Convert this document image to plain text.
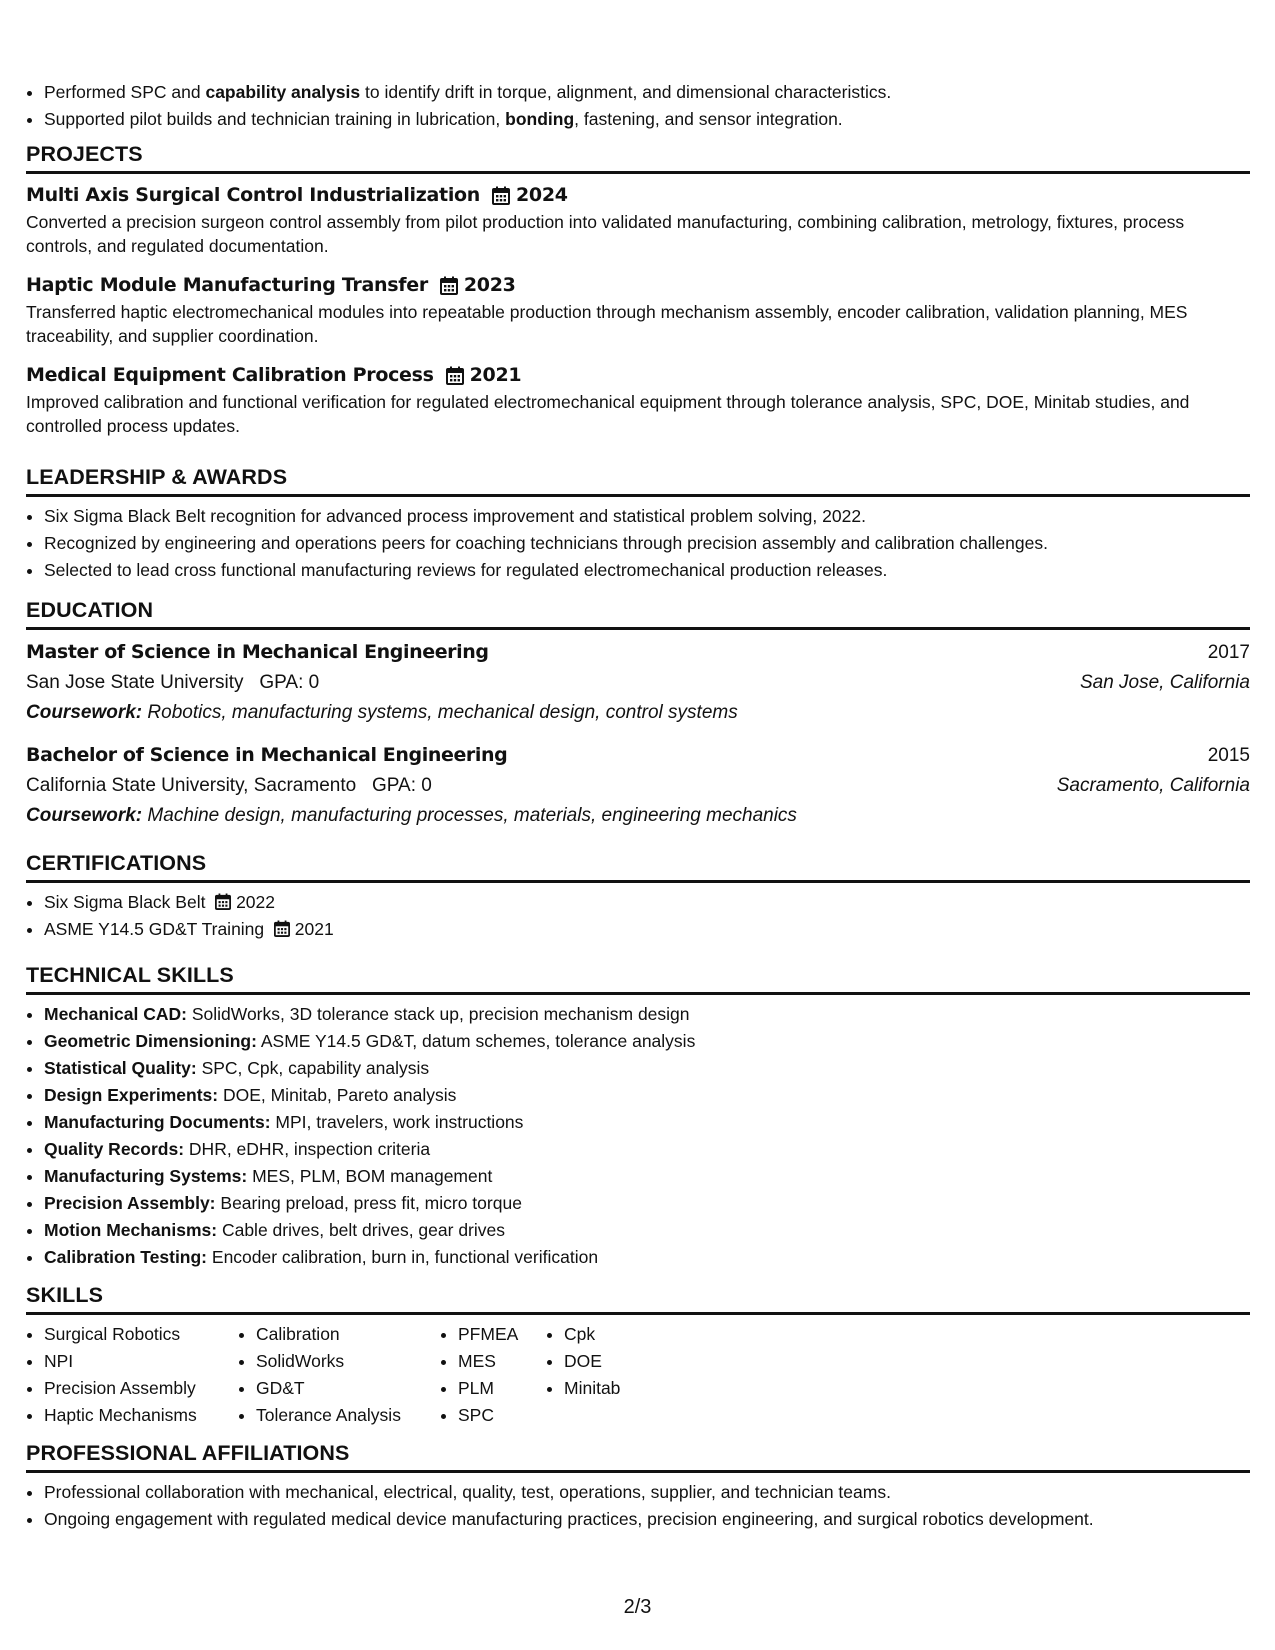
• Performed SPC and capability analysis to identify drift in torque, alignment, and dimensional characteristics.
• Supported pilot builds and technician training in lubrication, bonding, fastening, and sensor integration.
PROJECTS
Multi Axis Surgical Control Industrialization 2024
Converted a precision surgeon control assembly from pilot production into validated manufacturing, combining calibration, metrology, fixtures, process controls, and regulated documentation.
Haptic Module Manufacturing Transfer 2023
Transferred haptic electromechanical modules into repeatable production through mechanism assembly, encoder calibration, validation planning, MES traceability, and supplier coordination.
Medical Equipment Calibration Process 2021
Improved calibration and functional verification for regulated electromechanical equipment through tolerance analysis, SPC, DOE, Minitab studies, and controlled process updates.
LEADERSHIP & AWARDS
• Six Sigma Black Belt recognition for advanced process improvement and statistical problem solving, 2022.
• Recognized by engineering and operations peers for coaching technicians through precision assembly and calibration challenges.
• Selected to lead cross functional manufacturing reviews for regulated electromechanical production releases.
EDUCATION
Master of Science in Mechanical Engineering	2017
San Jose State University GPA: 0	San Jose, California
Coursework: Robotics, manufacturing systems, mechanical design, control systems
Bachelor of Science in Mechanical Engineering	2015
California State University, Sacramento GPA: 0	Sacramento, California
Coursework: Machine design, manufacturing processes, materials, engineering mechanics
CERTIFICATIONS
• Six Sigma Black Belt 2022
• ASME Y14.5 GD&T Training 2021
TECHNICAL SKILLS
• Mechanical CAD: SolidWorks, 3D tolerance stack up, precision mechanism design
• Geometric Dimensioning: ASME Y14.5 GD&T, datum schemes, tolerance analysis
• Statistical Quality: SPC, Cpk, capability analysis
• Design Experiments: DOE, Minitab, Pareto analysis
• Manufacturing Documents: MPI, travelers, work instructions
• Quality Records: DHR, eDHR, inspection criteria
• Manufacturing Systems: MES, PLM, BOM management
• Precision Assembly: Bearing preload, press fit, micro torque
• Motion Mechanisms: Cable drives, belt drives, gear drives
• Calibration Testing: Encoder calibration, burn in, functional verification
SKILLS
• Surgical Robotics
• NPI
• Precision Assembly
• Haptic Mechanisms
• Calibration
• SolidWorks
• GD&T
• Tolerance Analysis
• PFMEA
• MES
• PLM
• SPC
• Cpk
• DOE
• Minitab
PROFESSIONAL AFFILIATIONS
• Professional collaboration with mechanical, electrical, quality, test, operations, supplier, and technician teams.
• Ongoing engagement with regulated medical device manufacturing practices, precision engineering, and surgical robotics development.
2/3
